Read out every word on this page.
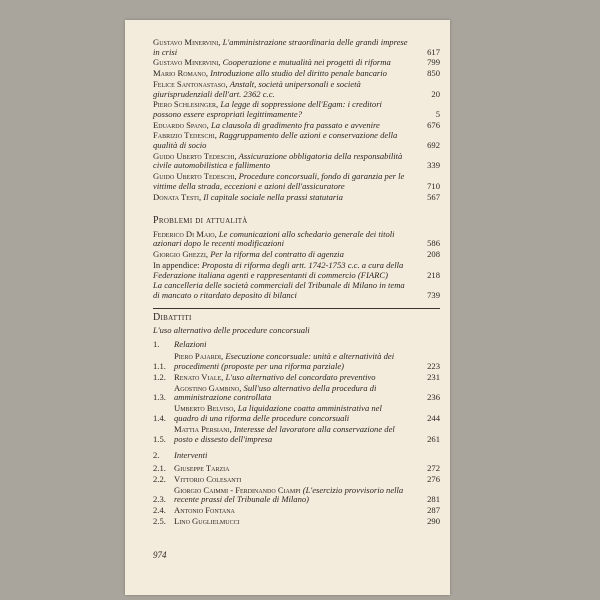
Gustavo Minervini, L'amministrazione straordinaria delle grandi imprese in crisi	617
Gustavo Minervini, Cooperazione e mutualità nei progetti di riforma	799
Mario Romano, Introduzione allo studio del diritto penale bancario	850
Felice Santonastaso, Anstalt, società unipersonali e società giurisprudenziali dell'art. 2362 c.c.	20
Piero Schlesinger, La legge di soppressione dell'Egam: i creditori possono essere espropriati legittimamente?	5
Eduardo Spano, La clausola di gradimento fra passato e avvenire	676
Fabrizio Tedeschi, Raggruppamento delle azioni e conservazione della qualità di socio	692
Guido Uberto Tedeschi, Assicurazione obbligatoria della responsabilità civile automobilistica e fallimento	339
Guido Uberto Tedeschi, Procedure concorsuali, fondo di garanzia per le vittime della strada, eccezioni e azioni dell'assicuratore	710
Donata Testi, Il capitale sociale nella prassi statutaria	567
Problemi di attualità
Federico Di Maio, Le comunicazioni allo schedario generale dei titoli azionari dopo le recenti modificazioni	586
Giorgio Ghezzi, Per la riforma del contratto di agenzia	208
In appendice: Proposta di riforma degli artt. 1742-1753 c.c. a cura della Federazione italiana agenti e rappresentanti di commercio (FIARC)	218
La cancelleria delle società commerciali del Tribunale di Milano in tema di mancato o ritardato deposito di bilanci	739
Dibattiti
L'uso alternativo delle procedure concorsuali
1. Relazioni
1.1.
Piero Pajardi, Esecuzione concorsuale: unità e alternatività dei procedimenti (proposte per una riforma parziale)	223
1.2. Renato Viale, L'uso alternativo del concordato preventivo	231
1.3.
Agostino Gambino, Sull'uso alternativo della procedura di amministrazione controllata	236
1.4.
Umberto Belviso, La liquidazione coatta amministrativa nel quadro di una riforma delle procedure concorsuali	244
1.5.
Mattia Persiani, Interesse del lavoratore alla conservazione del posto e dissesto dell'impresa	261
2. Interventi
2.1. Giuseppe Tarzia	272
2.2. Vittorio Colesanti	276
2.3.
Giorgio Caimmi - Ferdinando Ciampi (L'esercizio provvisorio nella recente prassi del Tribunale di Milano)	281
2.4. Antonio Fontana	287
2.5. Lino Guglielmucci	290
974
